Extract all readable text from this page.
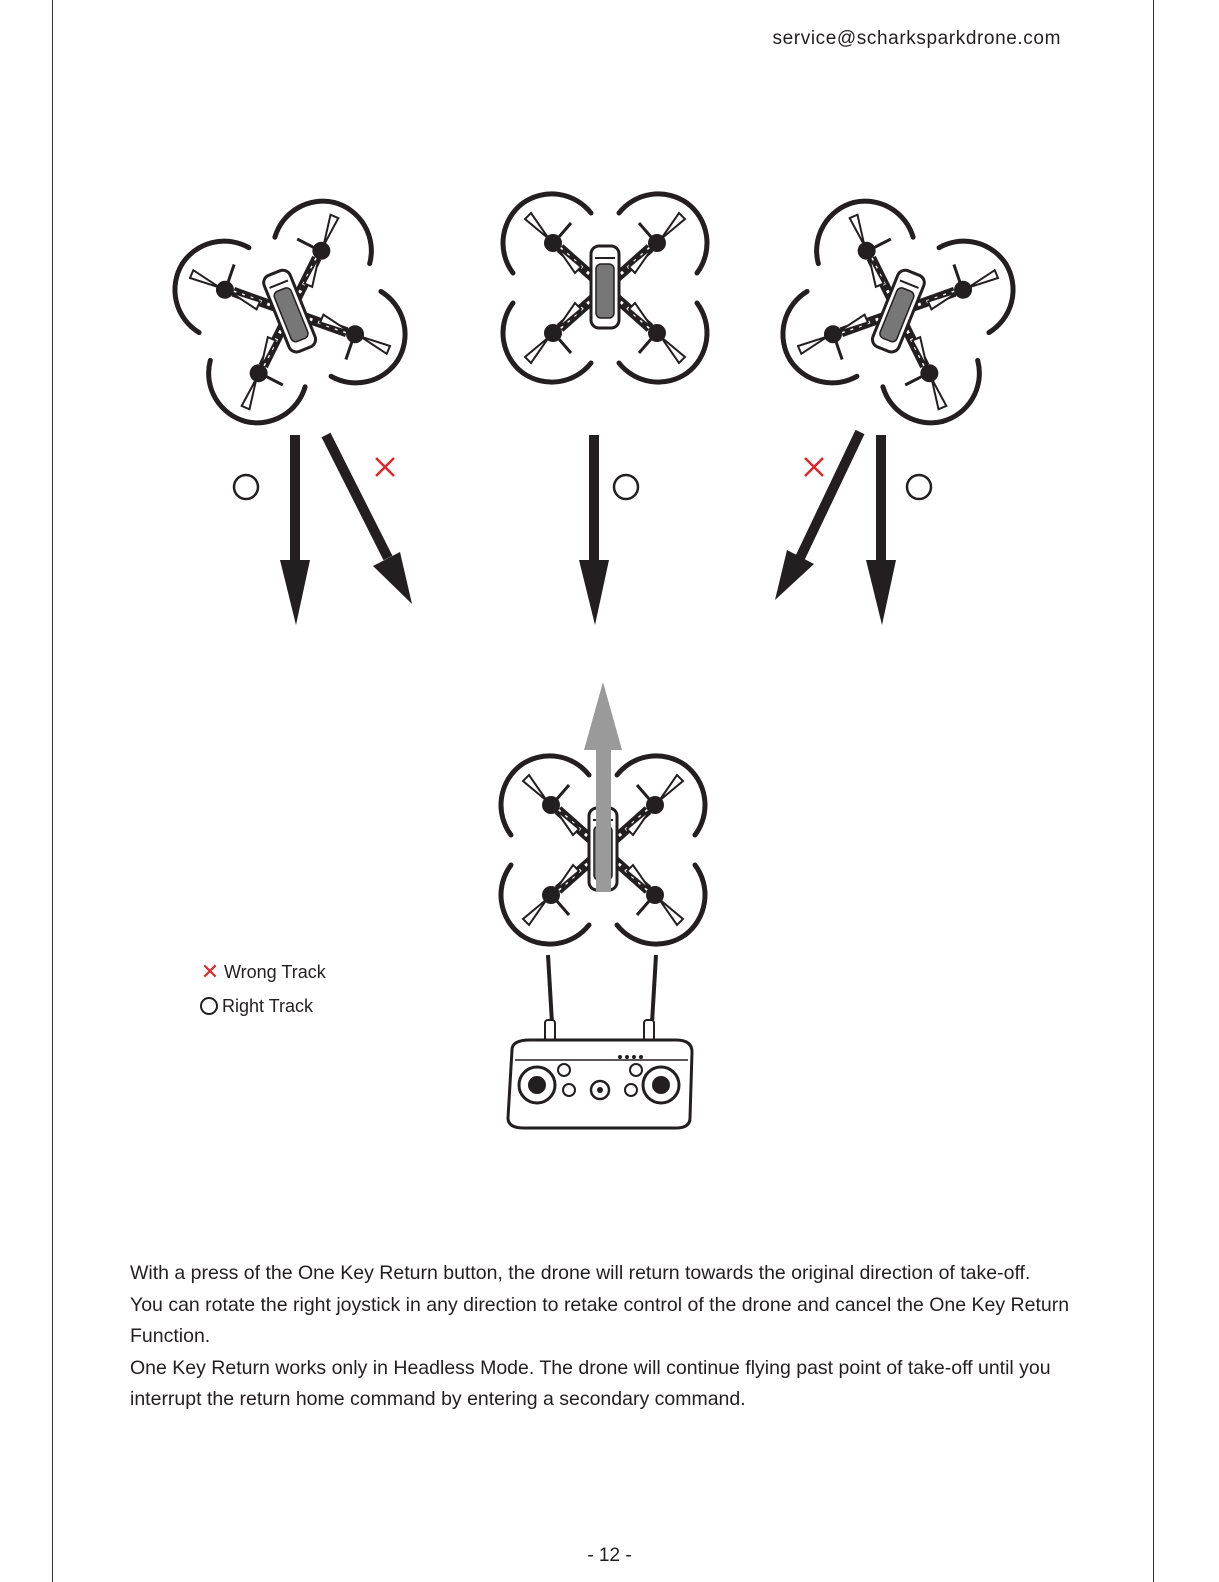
service@scharksparkdrone.com
✕ Wrong Track
Right Track

With a press of the One Key Return button, the drone will return towards the original direction of take-off.

You can rotate the right joystick in any direction to retake control of the drone and cancel the One Key Return Function.

One Key Return works only in Headless Mode. The drone will continue flying past point of take-off until you interrupt the return home command by entering a secondary command.

- 12 -
